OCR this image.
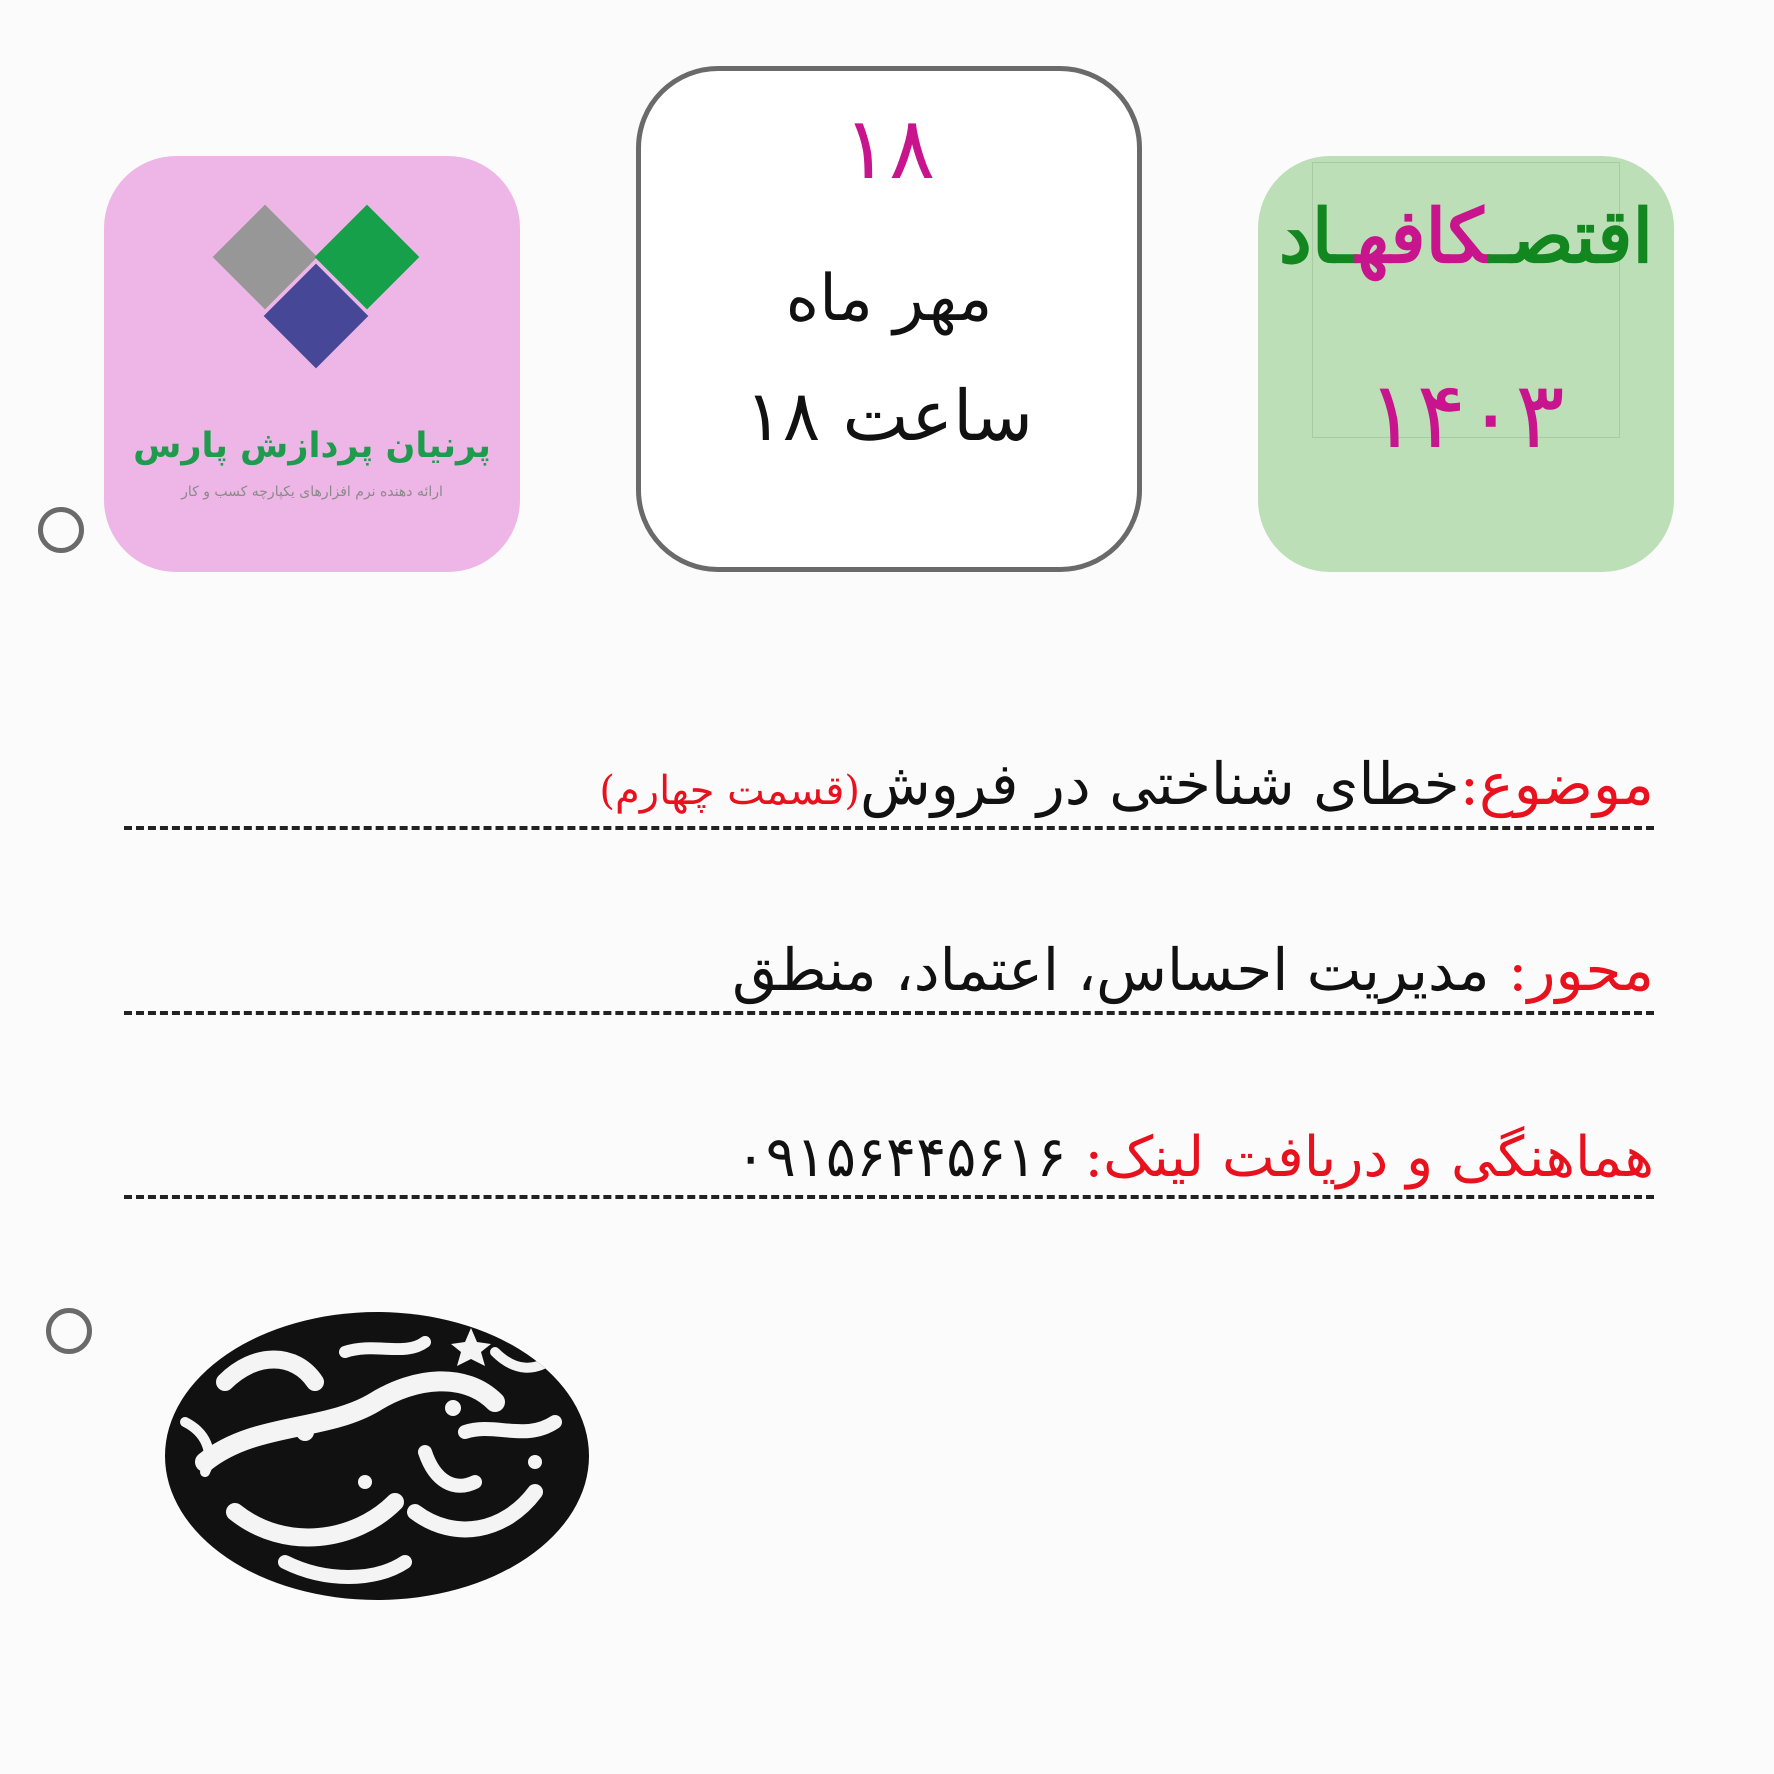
پرنیان پردازش پارس
ارائه دهنده نرم افزارهای یکپارچه کسب و کار
۱۸
مهر ماه
ساعت ۱۸
اقتصـکافهـاد
۱۴۰۳
موضوع:خطای شناختی در فروش(قسمت چهارم)
محور: مدیریت احساس، اعتماد، منطق
هماهنگی و دریافت لینک: ۰۹۱۵۶۴۴۵۶۱۶
